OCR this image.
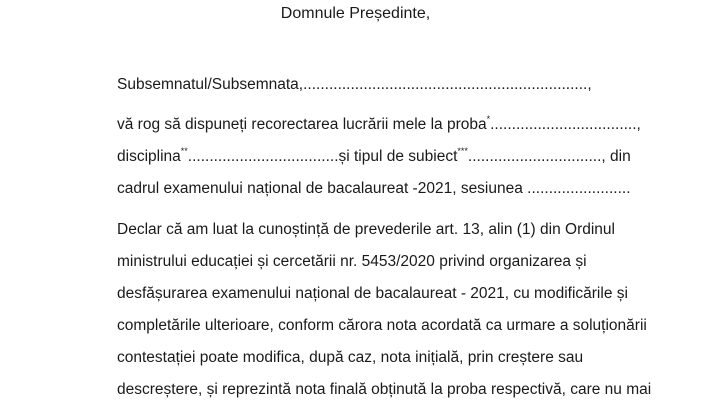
Domnule Președinte,
Subsemnatul/Subsemnata,..................................................................,
vă rog să dispuneți recorectarea lucrării mele la proba*..................................,
disciplina**...................................și tipul de subiect***..............................., din
cadrul examenului național de bacalaureat -2021, sesiunea ........................
Declar că am luat la cunoștință de prevederile art. 13, alin (1) din Ordinul
ministrului educației și cercetării nr. 5453/2020 privind organizarea și
desfășurarea examenului național de bacalaureat - 2021, cu modificările și
completările ulterioare, conform cărora nota acordată ca urmare a soluționării
contestației poate modifica, după caz, nota inițială, prin creștere sau
descreștere, și reprezintă nota finală obținută la proba respectivă, care nu mai
